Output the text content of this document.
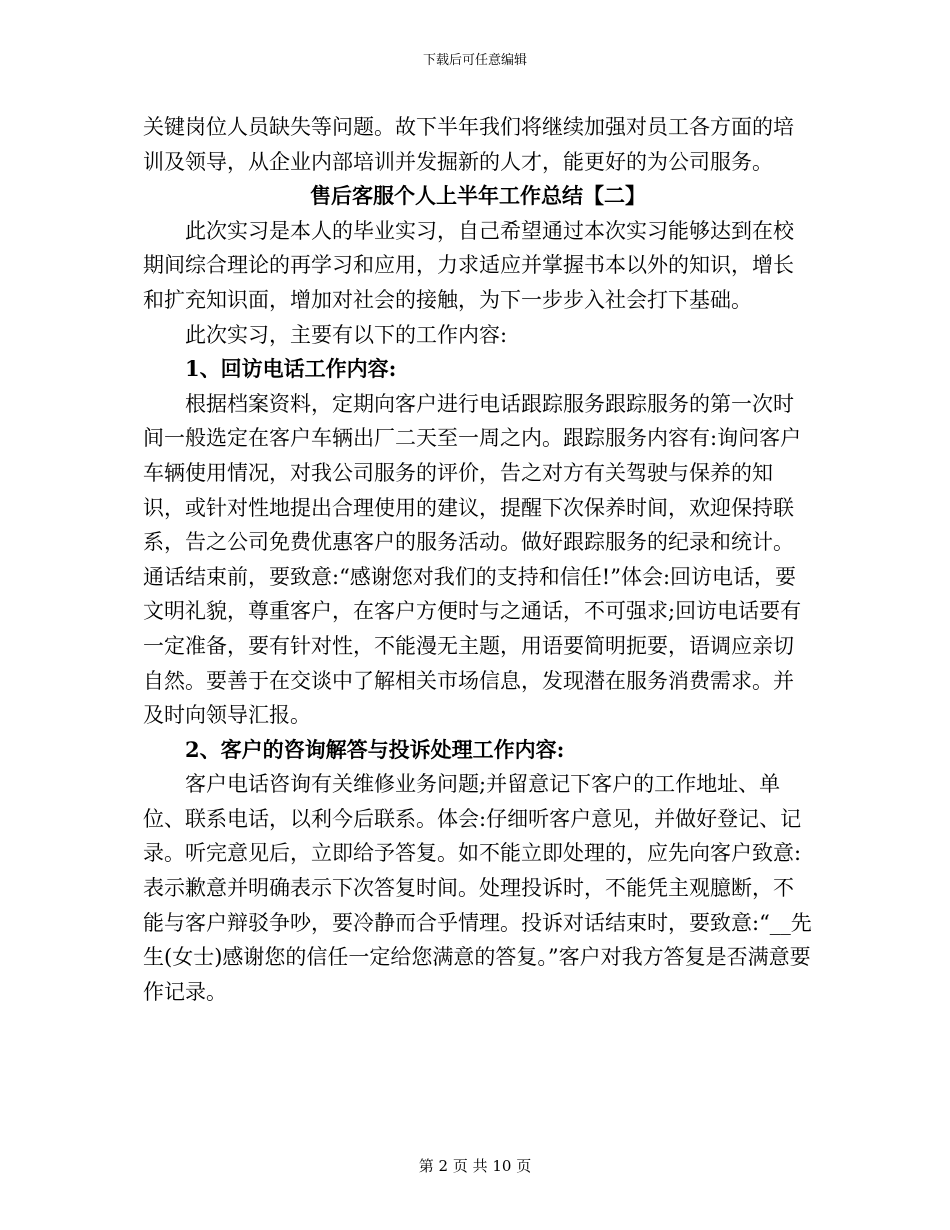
下载后可任意编辑

关键岗位人员缺失等问题。故下半年我们将继续加强对员工各方面的培训及领导，从企业内部培训并发掘新的人才，能更好的为公司服务。

售后客服个人上半年工作总结【二】

此次实习是本人的毕业实习，自己希望通过本次实习能够达到在校期间综合理论的再学习和应用，力求适应并掌握书本以外的知识，增长和扩充知识面，增加对社会的接触，为下一步步入社会打下基础。

此次实习，主要有以下的工作内容:

1、回访电话工作内容:

根据档案资料，定期向客户进行电话跟踪服务跟踪服务的第一次时间一般选定在客户车辆出厂二天至一周之内。跟踪服务内容有:询问客户车辆使用情况，对我公司服务的评价，告之对方有关驾驶与保养的知识，或针对性地提出合理使用的建议，提醒下次保养时间，欢迎保持联系，告之公司免费优惠客户的服务活动。做好跟踪服务的纪录和统计。通话结束前，要致意:“感谢您对我们的支持和信任!”体会:回访电话，要文明礼貌，尊重客户，在客户方便时与之通话，不可强求;回访电话要有一定准备，要有针对性，不能漫无主题，用语要简明扼要，语调应亲切自然。要善于在交谈中了解相关市场信息，发现潜在服务消费需求。并及时向领导汇报。

2、客户的咨询解答与投诉处理工作内容:

客户电话咨询有关维修业务问题;并留意记下客户的工作地址、单位、联系电话，以利今后联系。体会:仔细听客户意见，并做好登记、记录。听完意见后，立即给予答复。如不能立即处理的，应先向客户致意:表示歉意并明确表示下次答复时间。处理投诉时，不能凭主观臆断，不能与客户辩驳争吵，要冷静而合乎情理。投诉对话结束时，要致意:“__先生(女士)感谢您的信任一定给您满意的答复。”客户对我方答复是否满意要作记录。

第 2 页 共 10 页
